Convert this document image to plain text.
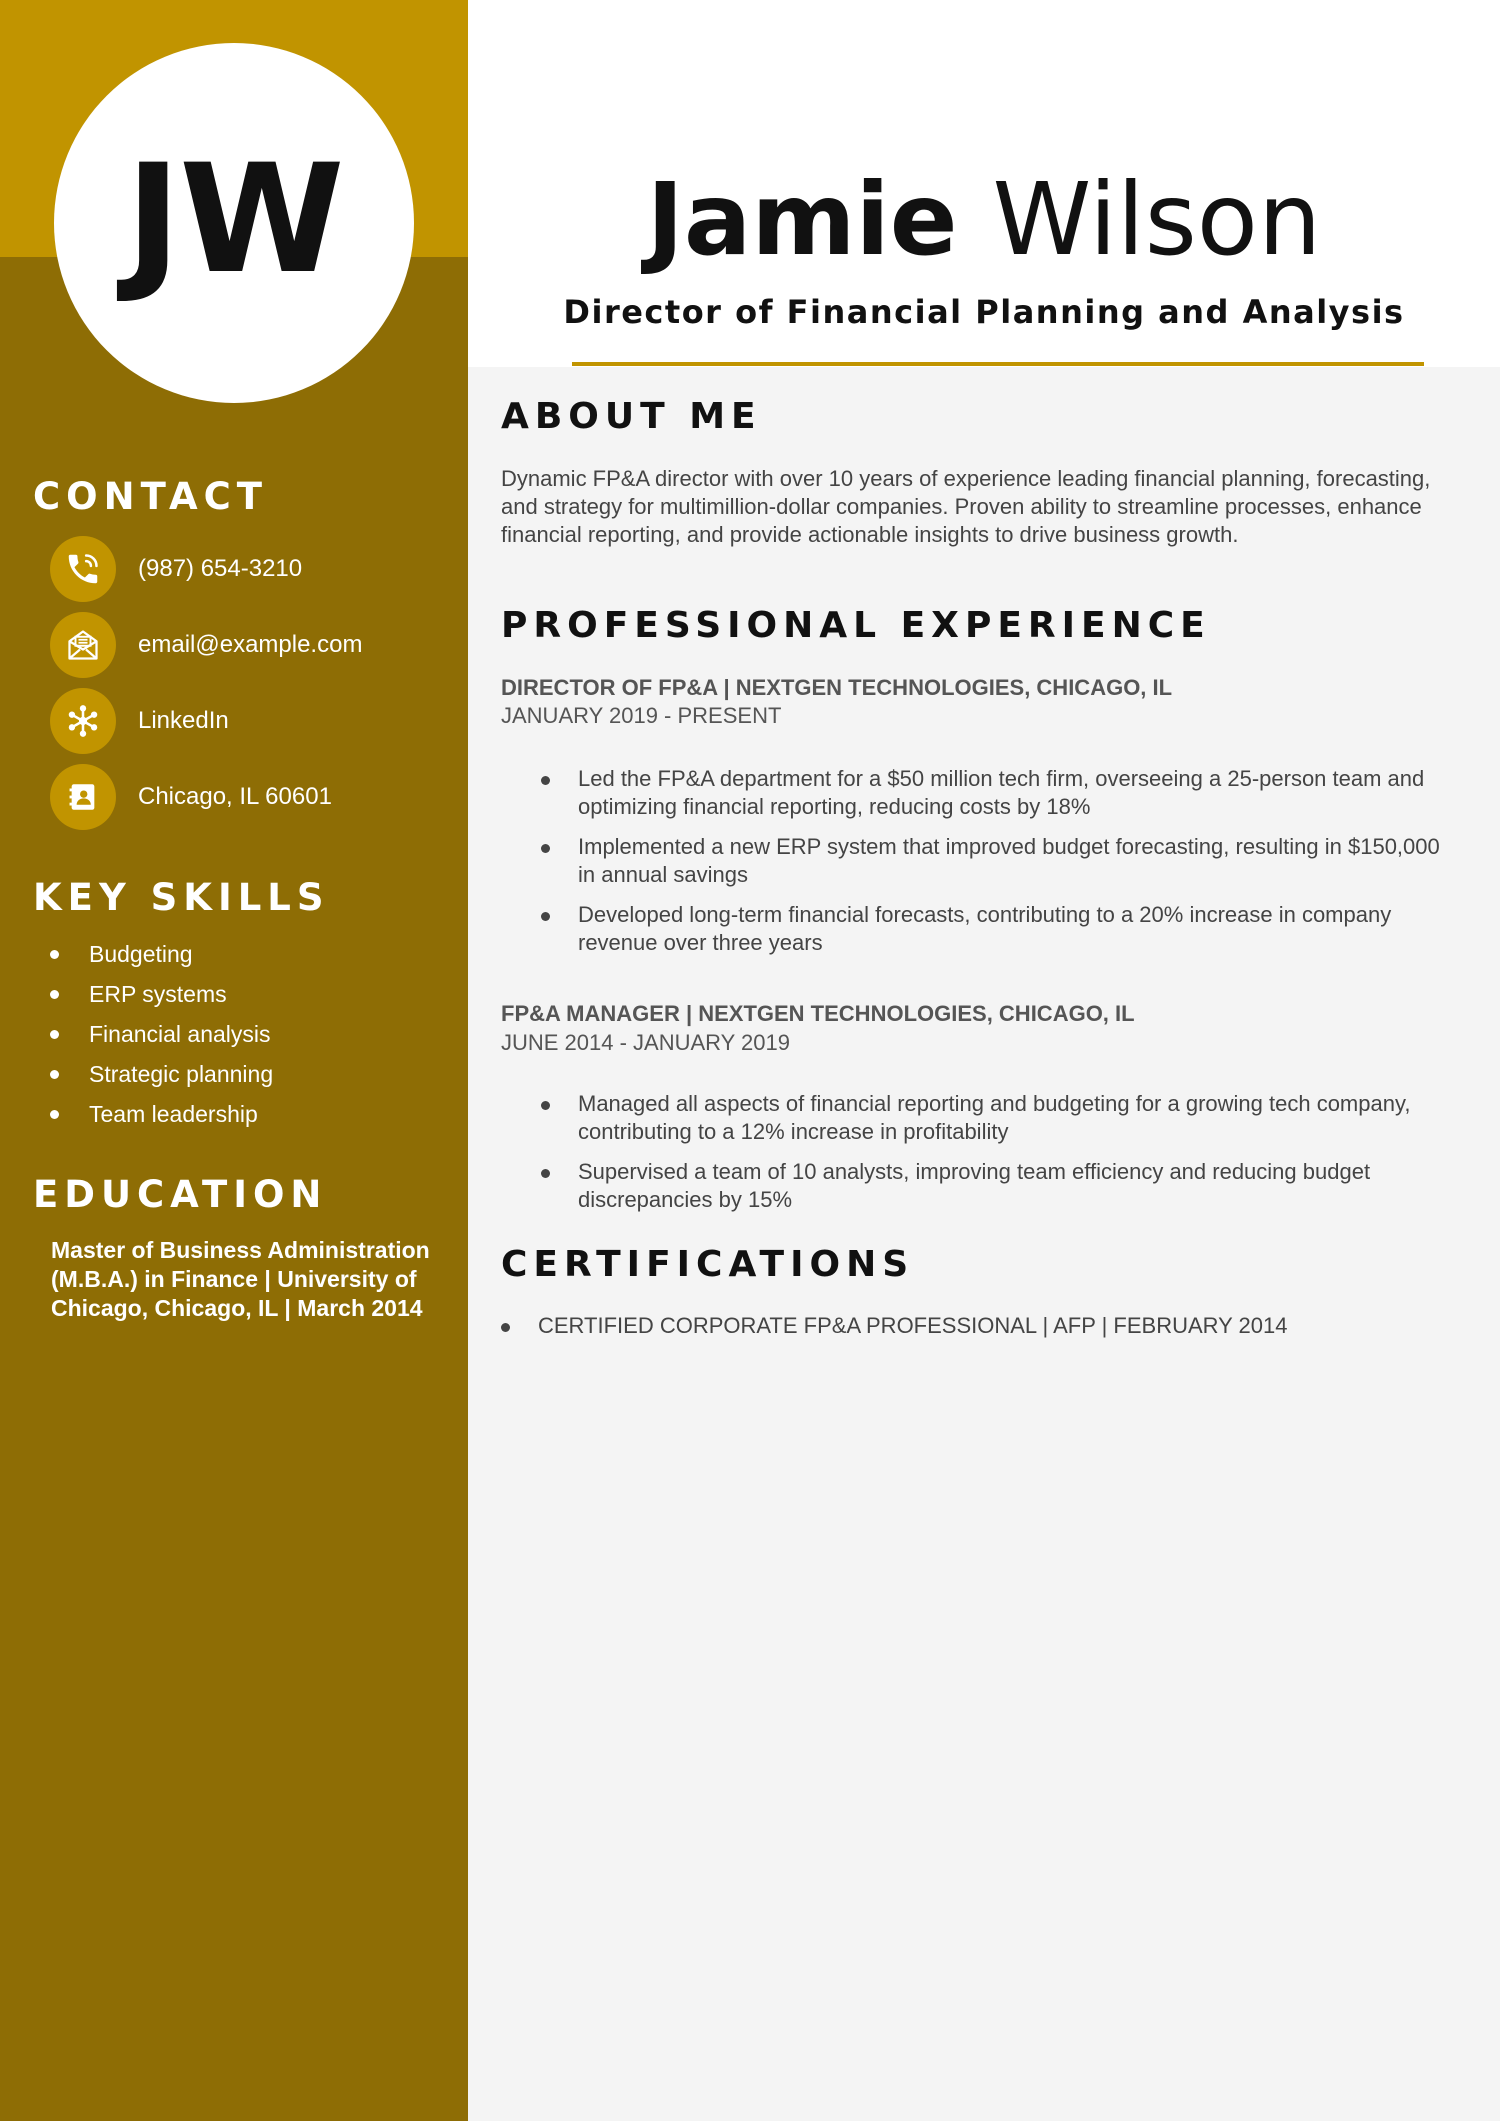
JW	Jamie Wilson
Director of Financial Planning and Analysis
CONTACT
(987) 654-3210
email@example.com
LinkedIn
Chicago, IL 60601
KEY SKILLS
Budgeting
ERP systems
Financial analysis
Strategic planning
Team leadership
EDUCATION

Master of Business Administration (M.B.A.) in Finance | University of Chicago, Chicago, IL | March 2014

ABOUT ME

Dynamic FP&A director with over 10 years of experience leading financial planning, forecasting, and strategy for multimillion-dollar companies. Proven ability to streamline processes, enhance financial reporting, and provide actionable insights to drive business growth.

PROFESSIONAL EXPERIENCE
DIRECTOR OF FP&A | NEXTGEN TECHNOLOGIES, CHICAGO, IL
JANUARY 2019 - PRESENT
Led the FP&A department for a $50 million tech firm, overseeing a 25-person team and optimizing financial reporting, reducing costs by 18%
Implemented a new ERP system that improved budget forecasting, resulting in $150,000 in annual savings
Developed long-term financial forecasts, contributing to a 20% increase in company revenue over three years
FP&A MANAGER | NEXTGEN TECHNOLOGIES, CHICAGO, IL
JUNE 2014 - JANUARY 2019
Managed all aspects of financial reporting and budgeting for a growing tech company, contributing to a 12% increase in profitability
Supervised a team of 10 analysts, improving team efficiency and reducing budget discrepancies by 15%
CERTIFICATIONS
CERTIFIED CORPORATE FP&A PROFESSIONAL | AFP | FEBRUARY 2014
